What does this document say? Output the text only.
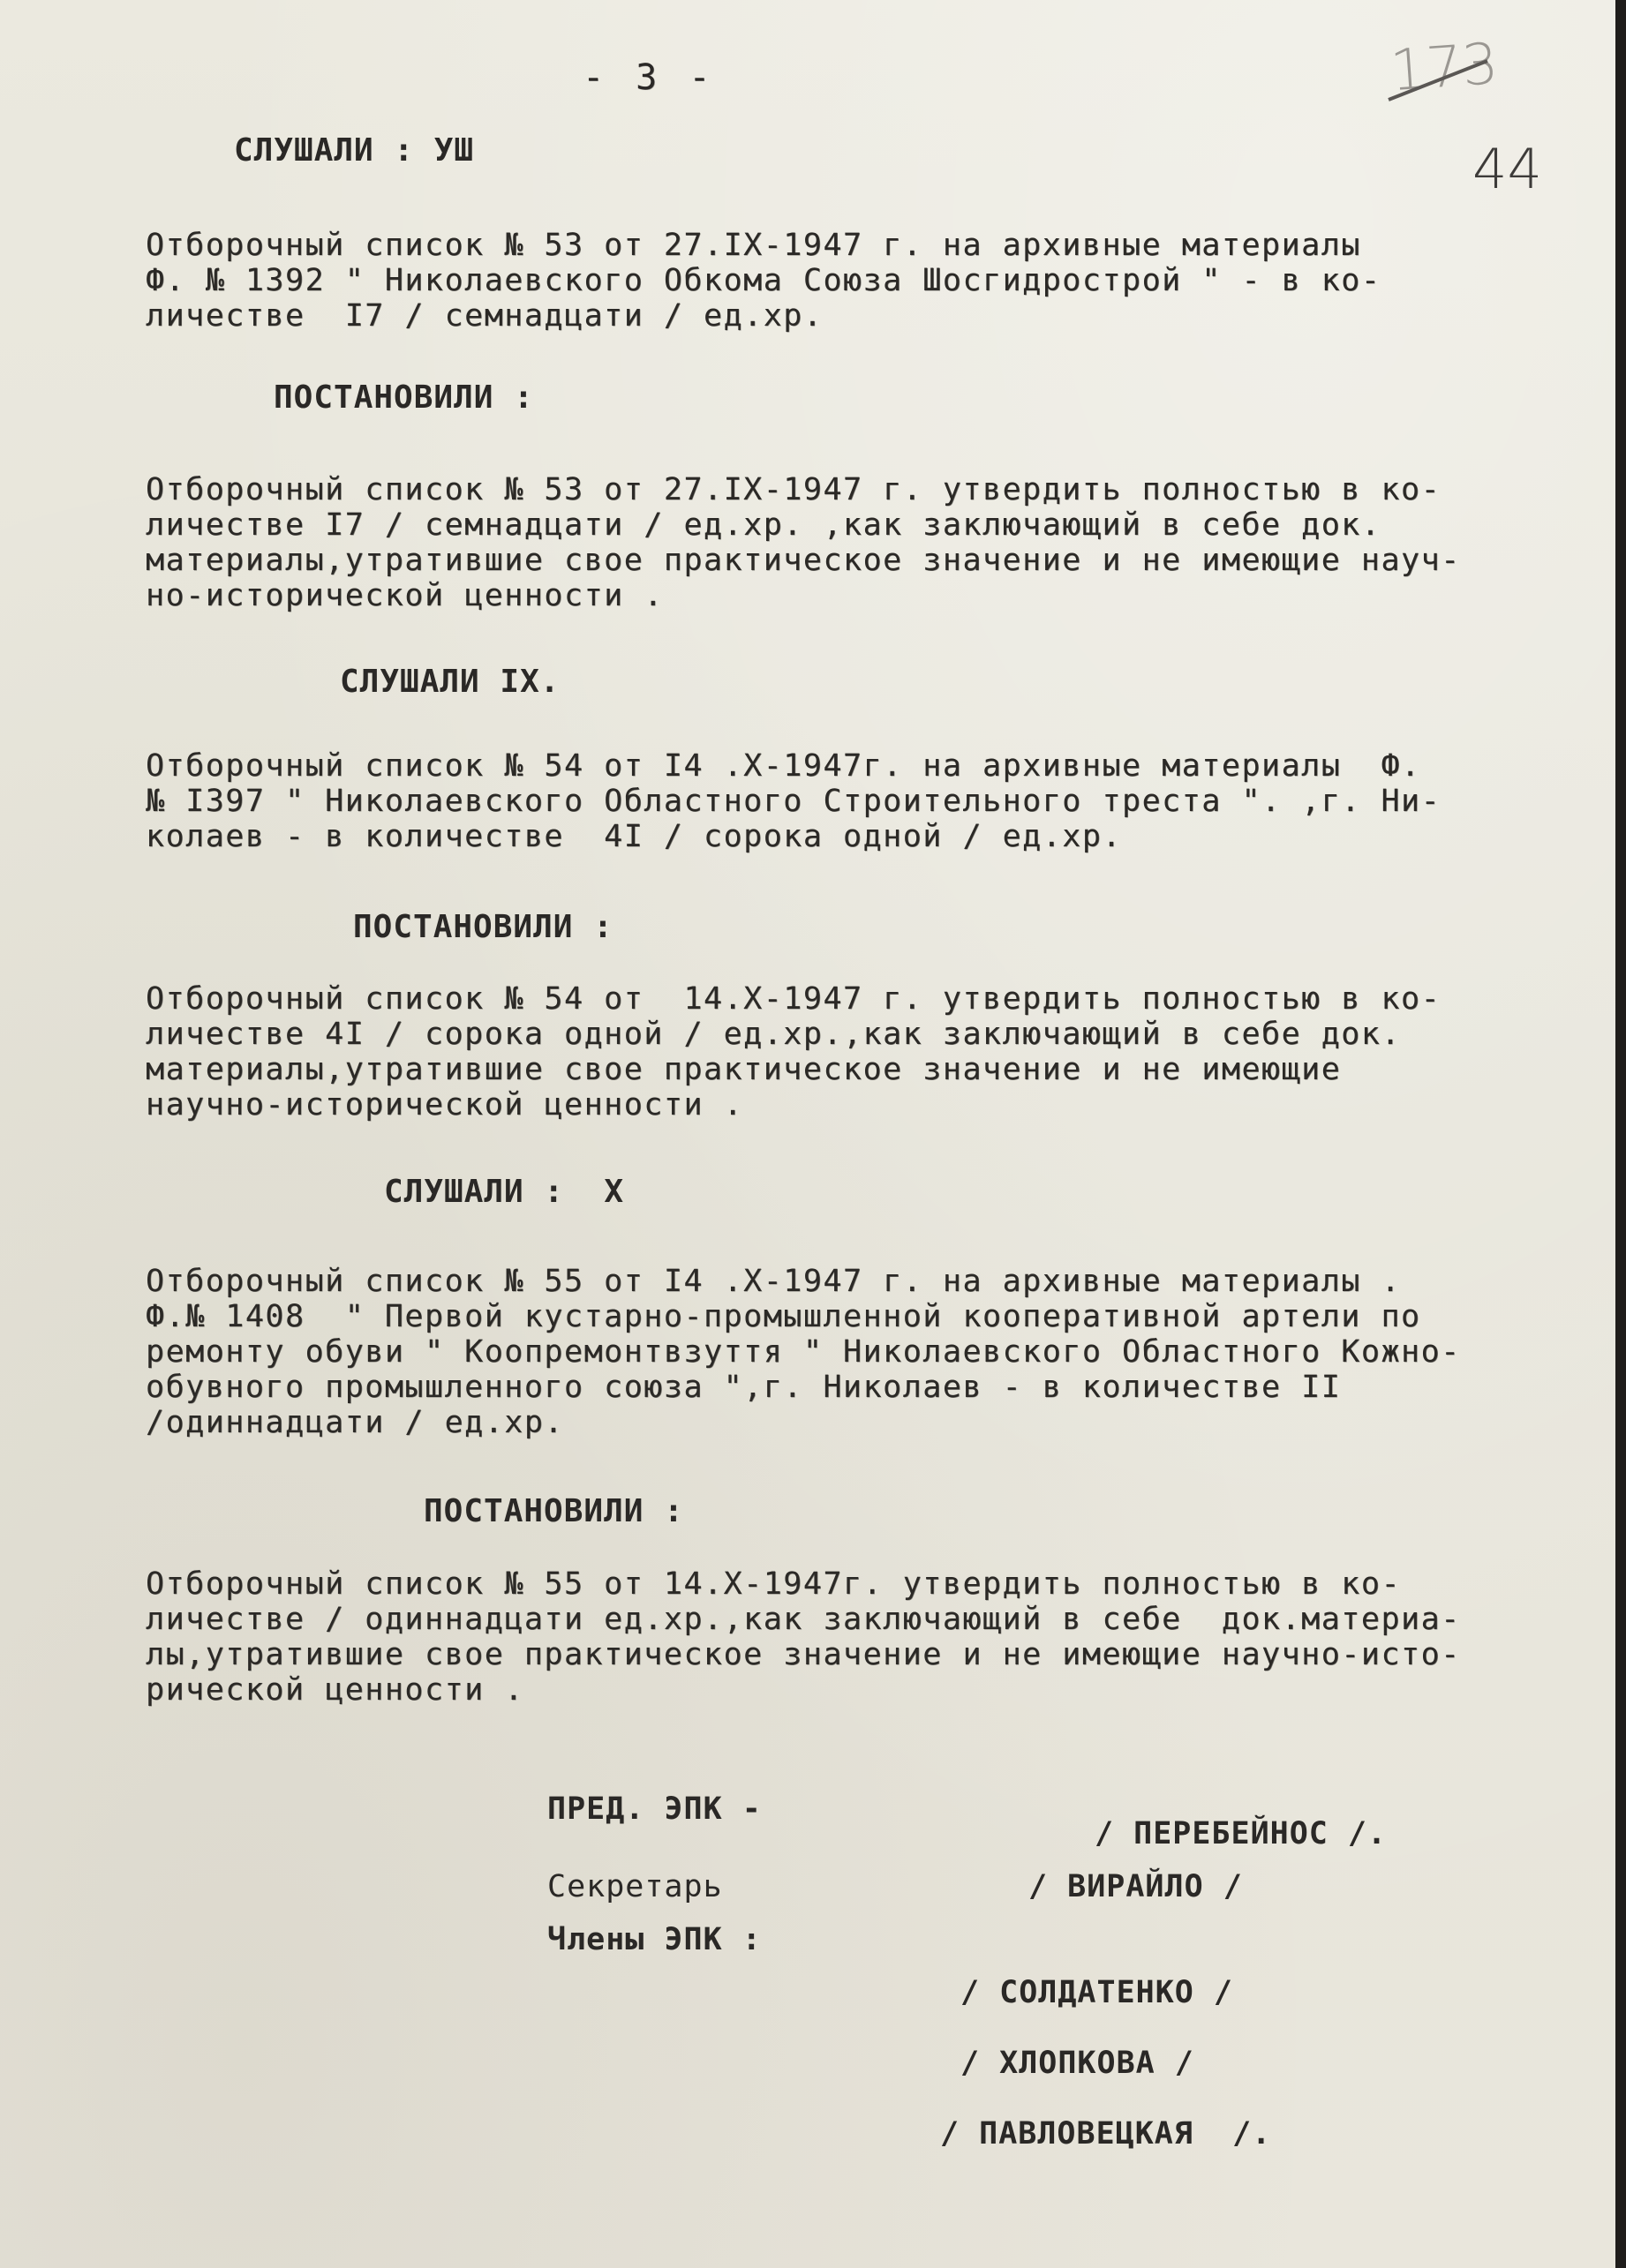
- 3 -	173
44
СЛУШАЛИ : УШ
Отборочный список № 53 от 27.IX-1947 г. на архивные материалы
Ф. № 1392 " Николаевского Обкома Союза Шосгидрострой " - в ко-
личестве  I7 / семнадцати / ед.хр.
ПОСТАНОВИЛИ :
Отборочный список № 53 от 27.IX-1947 г. утвердить полностью в ко-
личестве I7 / семнадцати / ед.хр. ,как заключающий в себе док.
материалы,утратившие свое практическое значение и не имеющие науч-
но-исторической ценности .
СЛУШАЛИ IX.
Отборочный список № 54 от I4 .X-1947г. на архивные материалы  Ф.
№ I397 " Николаевского Областного Строительного треста ". ,г. Ни-
колаев - в количестве  4I / сорока одной / ед.хр.
ПОСТАНОВИЛИ :
Отборочный список № 54 от  14.X-1947 г. утвердить полностью в ко-
личестве 4I / сорока одной / ед.хр.,как заключающий в себе док.
материалы,утратившие свое практическое значение и не имеющие
научно-исторической ценности .
СЛУШАЛИ :  X
Отборочный список № 55 от I4 .X-1947 г. на архивные материалы .
Ф.№ 1408  " Первой кустарно-промышленной кооперативной артели по
ремонту обуви " Коопремонтвзуття " Николаевского Областного Кожно-
обувного промышленного союза ",г. Николаев - в количестве II
/одиннадцати / ед.хр.
ПОСТАНОВИЛИ :
Отборочный список № 55 от 14.X-1947г. утвердить полностью в ко-
личестве / одиннадцати ед.хр.,как заключающий в себе  док.материа-
лы,утратившие свое практическое значение и не имеющие научно-исто-
рической ценности .
ПРЕД. ЭПК -
/ ПЕРЕБЕЙНОС /.
Секретарь	/ ВИРАЙЛО /
Члены ЭПК :
/ СОЛДАТЕНКО /
/ ХЛОПКОВА /
/ ПАВЛОВЕЦКАЯ  /.
